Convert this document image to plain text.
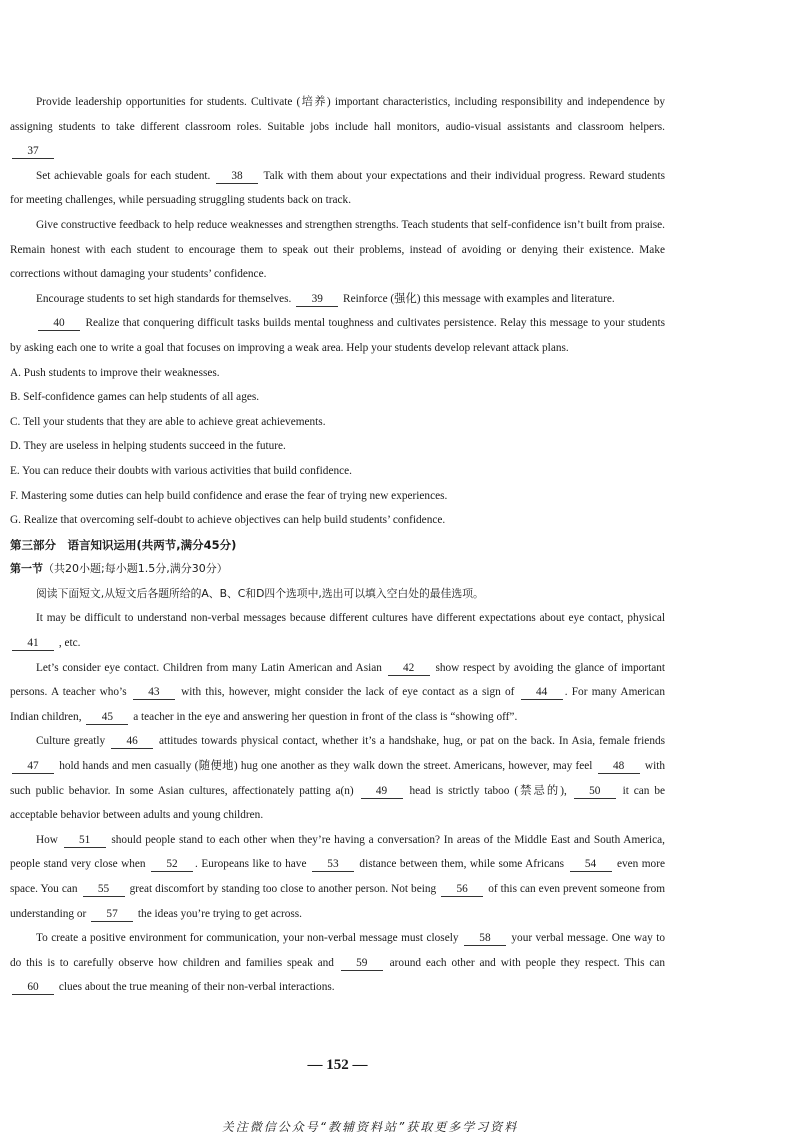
Provide leadership opportunities for students. Cultivate (培养) important characteristics, including responsibility and independence by assigning students to take different classroom roles. Suitable jobs include hall monitors, audio-visual assistants and classroom helpers. 37

Set achievable goals for each student. 38 Talk with them about your expectations and their individual progress. Reward students for meeting challenges, while persuading struggling students back on track.

Give constructive feedback to help reduce weaknesses and strengthen strengths. Teach students that self-confidence isn’t built from praise. Remain honest with each student to encourage them to speak out their problems, instead of avoiding or denying their existence. Make corrections without damaging your students’ confidence.

Encourage students to set high standards for themselves. 39 Reinforce (强化) this message with examples and literature.

40 Realize that conquering difficult tasks builds mental toughness and cultivates persistence. Relay this message to your students by asking each one to write a goal that focuses on improving a weak area. Help your students develop relevant attack plans.

A. Push students to improve their weaknesses.

B. Self-confidence games can help students of all ages.

C. Tell your students that they are able to achieve great achievements.

D. They are useless in helping students succeed in the future.

E. You can reduce their doubts with various activities that build confidence.

F. Mastering some duties can help build confidence and erase the fear of trying new experiences.

G. Realize that overcoming self-doubt to achieve objectives can help build students’ confidence.

第三部分　语言知识运用(共两节,满分45分)

第一节（共20小题;每小题1.5分,满分30分）

阅读下面短文,从短文后各题所给的A、B、C和D四个选项中,选出可以填入空白处的最佳选项。

It may be difficult to understand non-verbal messages because different cultures have different expectations about eye contact, physical 41 , etc.

Let’s consider eye contact. Children from many Latin American and Asian 42 show respect by avoiding the glance of important persons. A teacher who’s 43 with this, however, might consider the lack of eye contact as a sign of 44 . For many American Indian children, 45 a teacher in the eye and answering her question in front of the class is “showing off”.

Culture greatly 46 attitudes towards physical contact, whether it’s a handshake, hug, or pat on the back. In Asia, female friends 47 hold hands and men casually (随便地) hug one another as they walk down the street. Americans, however, may feel 48 with such public behavior. In some Asian cultures, affectionately patting a(n) 49 head is strictly taboo (禁忌的), 50 it can be acceptable behavior between adults and young children.

How 51 should people stand to each other when they’re having a conversation? In areas of the Middle East and South America, people stand very close when 52 . Europeans like to have 53 distance between them, while some Africans 54 even more space. You can 55 great discomfort by standing too close to another person. Not being 56 of this can even prevent someone from understanding or 57 the ideas you’re trying to get across.

To create a positive environment for communication, your non-verbal message must closely 58 your verbal message. One way to do this is to carefully observe how children and families speak and 59 around each other and with people they respect. This can 60 clues about the true meaning of their non-verbal interactions.

— 152 —
关注微信公众号“教辅资料站”获取更多学习资料
